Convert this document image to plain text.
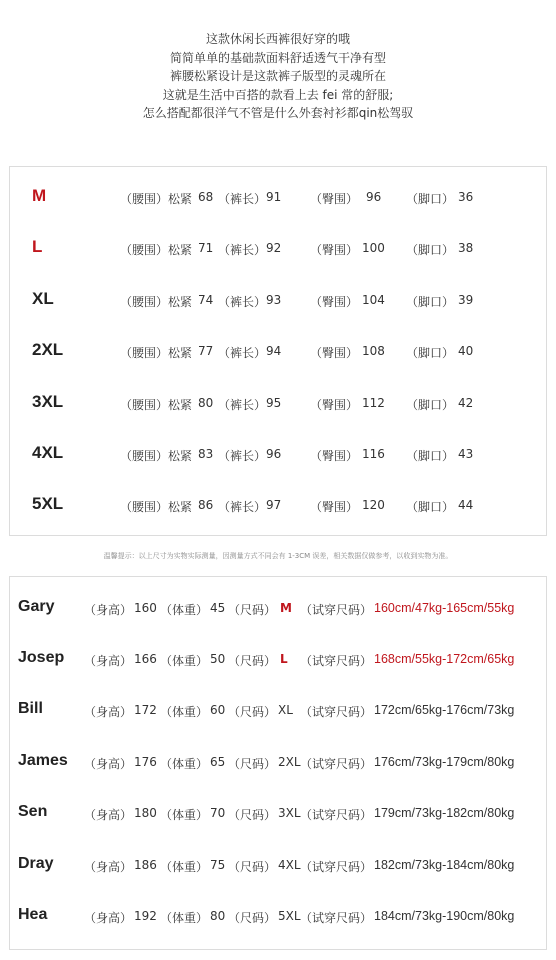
这款休闲长西裤很好穿的哦
简简单单的基础款面料舒适透气干净有型
裤腰松紧设计是这款裤子版型的灵魂所在
这就是生活中百搭的款看上去 fei 常的舒服;
怎么搭配都很洋气不管是什么外套衬衫都qin松驾驭
M	（腰围）松紧 68 （裤长） 91 （臀围） 96 （脚口） 36
L	（腰围）松紧 71 （裤长） 92 （臀围） 100 （脚口） 38
XL	（腰围）松紧 74 （裤长） 93 （臀围） 104 （脚口） 39
2XL	（腰围）松紧 77 （裤长） 94 （臀围） 108 （脚口） 40
3XL	（腰围）松紧 80 （裤长） 95 （臀围） 112 （脚口） 42
4XL	（腰围）松紧 83 （裤长） 96 （臀围） 116 （脚口） 43
5XL	（腰围）松紧 86 （裤长） 97 （臀围） 120 （脚口） 44
温馨提示：以上尺寸为实物实际测量，因测量方式不同会有 1-3CM 误差，相关数据仅做参考，以收到实物为准。
Gary （身高） 160 （体重） 45 （尺码） M （试穿尺码） 160cm/47kg-165cm/55kg
Josep （身高） 166 （体重） 50 （尺码） L （试穿尺码） 168cm/55kg-172cm/65kg
Bill	（身高） 172 （体重） 60 （尺码） XL （试穿尺码） 172cm/65kg-176cm/73kg
James （身高） 176 （体重） 65 （尺码） 2XL （试穿尺码） 176cm/73kg-179cm/80kg
Sen	（身高） 180 （体重） 70 （尺码） 3XL （试穿尺码） 179cm/73kg-182cm/80kg
Dray	（身高） 186 （体重） 75 （尺码） 4XL （试穿尺码） 182cm/73kg-184cm/80kg
Hea	（身高） 192 （体重） 80 （尺码） 5XL （试穿尺码） 184cm/73kg-190cm/80kg
